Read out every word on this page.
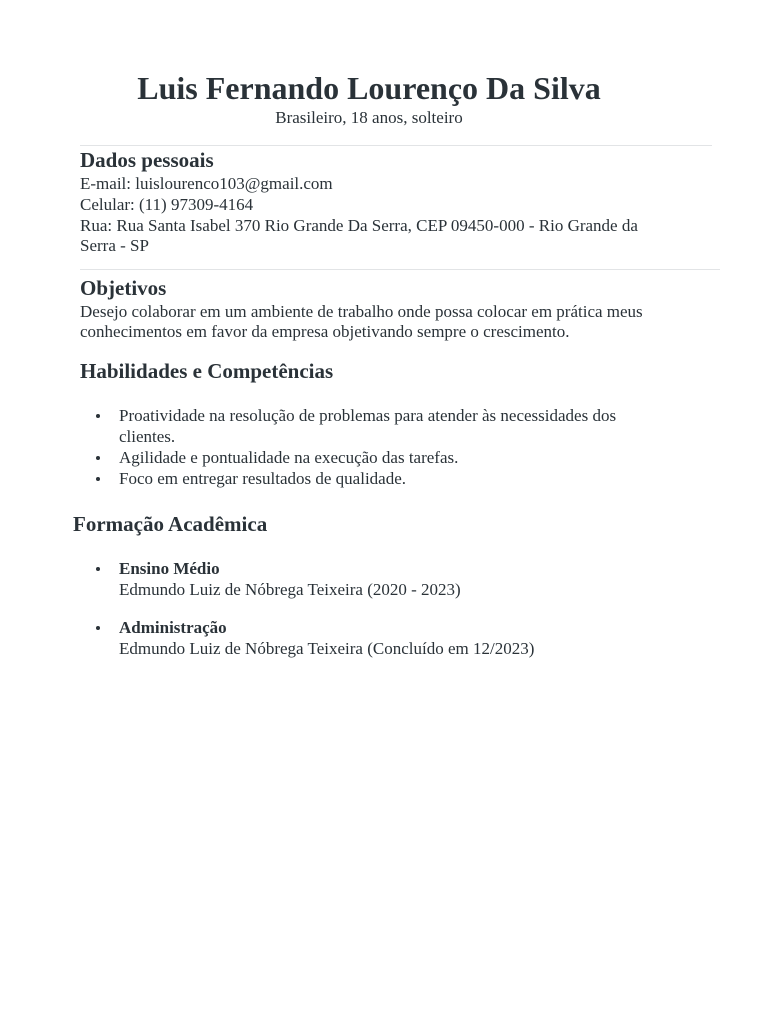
Luis Fernando Lourenço Da Silva

Brasileiro, 18 anos, solteiro

Dados pessoais

E-mail: luislourenco103@gmail.com

Celular: (11) 97309-4164

Rua: Rua Santa Isabel 370 Rio Grande Da Serra, CEP 09450-000 - Rio Grande da Serra - SP

Objetivos

Desejo colaborar em um ambiente de trabalho onde possa colocar em prática meus conhecimentos em favor da empresa objetivando sempre o crescimento.

Habilidades e Competências
Proatividade na resolução de problemas para atender às necessidades dos clientes.
Agilidade e pontualidade na execução das tarefas.
Foco em entregar resultados de qualidade.
Formação Acadêmica
Ensino Médio
Edmundo Luiz de Nóbrega Teixeira (2020 - 2023)
Administração
Edmundo Luiz de Nóbrega Teixeira (Concluído em 12/2023)
